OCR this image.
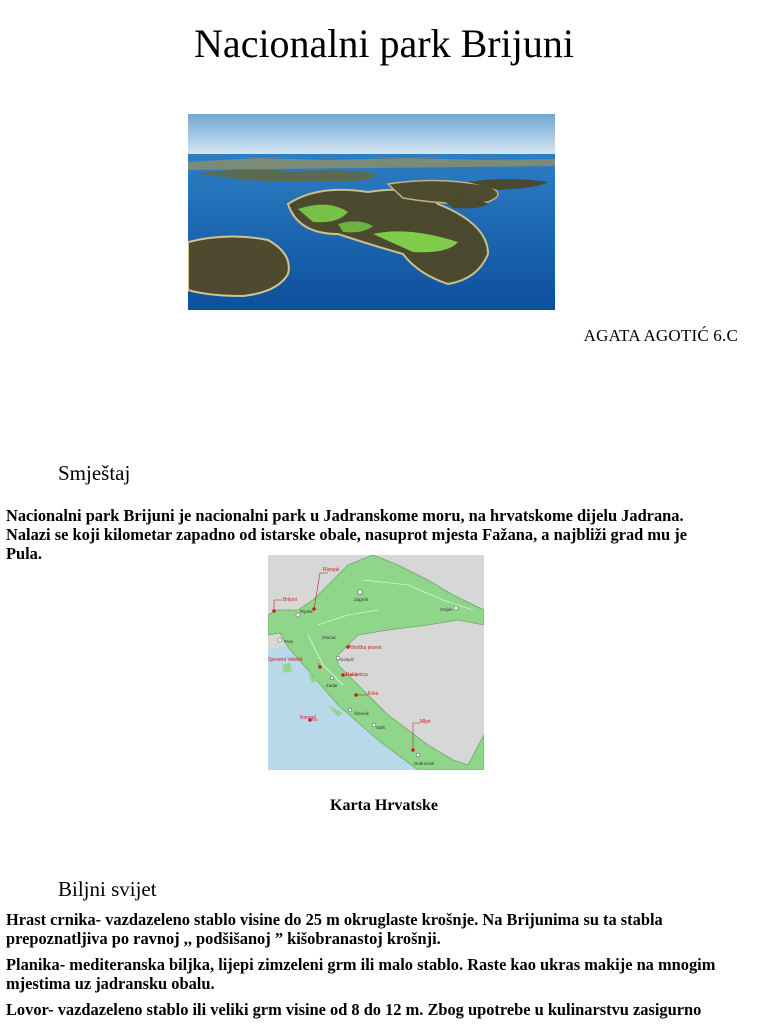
Nacionalni park Brijuni
AGATA AGOTIĆ 6.C
Smještaj
Nacionalni park Brijuni je nacionalni park u Jadranskome moru, na hrvatskome dijelu Jadrana.
Nalazi se koji kilometar zapadno od istarske obale, nasuprot mjesta Fažana, a najbliži grad mu je
Pula.
Risnjak
Brijuni
Plitvička jezera
Sjeverni Velebit
Paklenica
Krka
Kornati
Mljet
Zagreb
Osijek
Pula
Rijeka
Otočac
Gospić
Zadar
Šibenik
Split
Dubrovnik
Karta Hrvatske
Biljni svijet
Hrast crnika- vazdazeleno stablo visine do 25 m okruglaste krošnje. Na Brijunima su ta stabla
prepoznatljiva po ravnoj ,, podšišanoj ” kišobranastoj krošnji.
Planika- mediteranska biljka, lijepi zimzeleni grm ili malo stablo. Raste kao ukras makije na mnogim
mjestima uz jadransku obalu.
Lovor- vazdazeleno stablo ili veliki grm visine od 8 do 12 m. Zbog upotrebe u kulinarstvu zasigurno
